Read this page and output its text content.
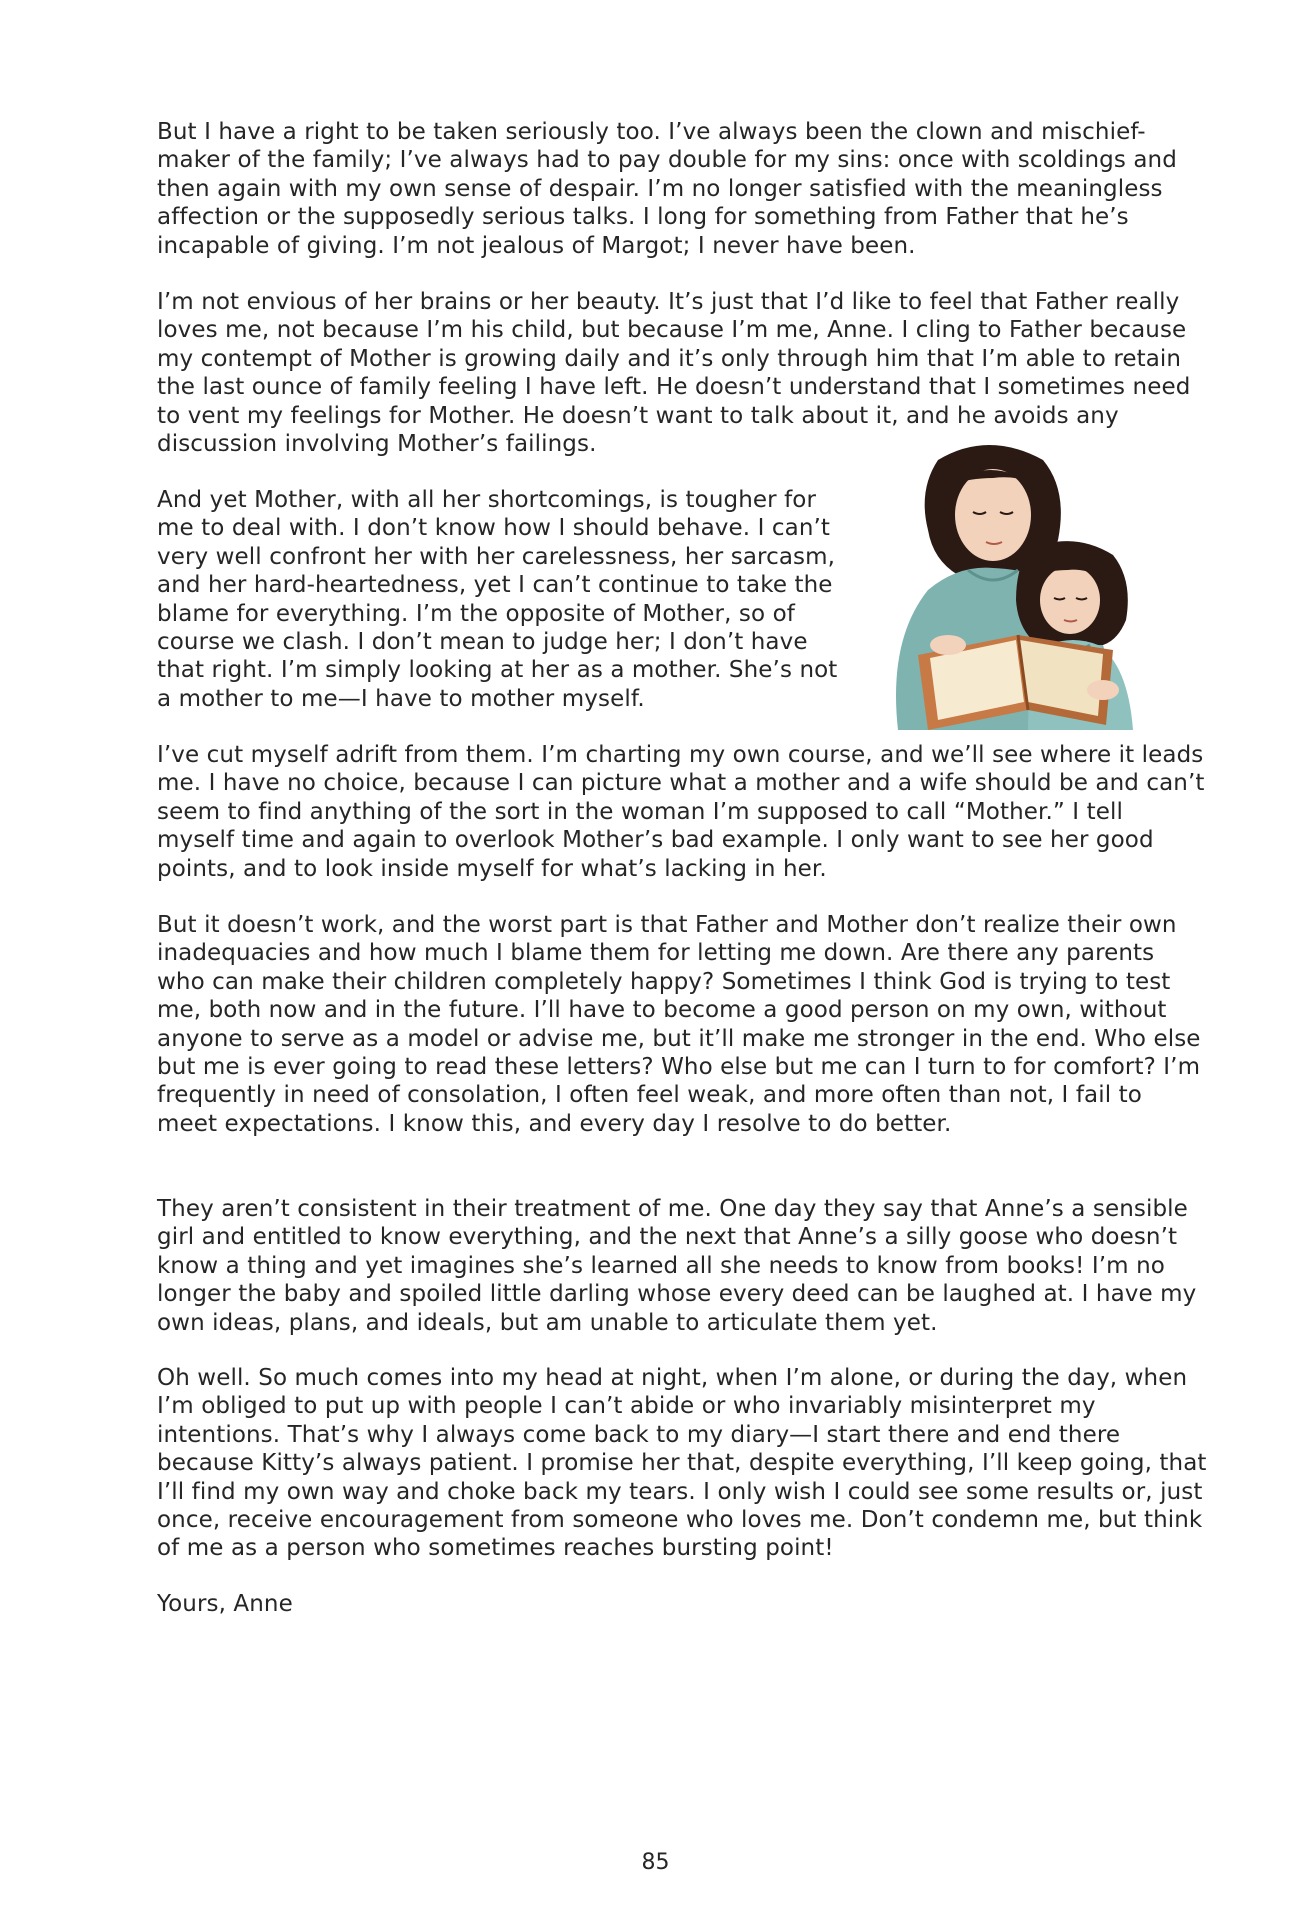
But I have a right to be taken seriously too. I’ve always been the clown and mischief-maker of the family; I’ve always had to pay double for my sins: once with scoldings and then again with my own sense of despair. I’m no longer satisfied with the meaningless affection or the supposedly serious talks. I long for something from Father that he’s incapable of giving. I’m not jealous of Margot; I never have been.

I’m not envious of her brains or her beauty. It’s just that I’d like to feel that Father really loves me, not because I’m his child, but because I’m me, Anne. I cling to Father because my contempt of Mother is growing daily and it’s only through him that I’m able to retain the last ounce of family feeling I have left. He doesn’t understand that I sometimes need to vent my feelings for Mother. He doesn’t want to talk about it, and he avoids any discussion involving Mother’s failings.

And yet Mother, with all her shortcomings, is tougher for me to deal with. I don’t know how I should behave. I can’t very well confront her with her carelessness, her sarcasm, and her hard-heartedness, yet I can’t continue to take the blame for everything. I’m the opposite of Mother, so of course we clash. I don’t mean to judge her; I don’t have that right. I’m simply looking at her as a mother. She’s not a mother to me—I have to mother myself.

I’ve cut myself adrift from them. I’m charting my own course, and we’ll see where it leads me. I have no choice, because I can picture what a mother and a wife should be and can’t seem to find anything of the sort in the woman I’m supposed to call “Mother.” I tell myself time and again to overlook Mother’s bad example. I only want to see her good points, and to look inside myself for what’s lacking in her.

But it doesn’t work, and the worst part is that Father and Mother don’t realize their own inadequacies and how much I blame them for letting me down. Are there any parents who can make their children completely happy? Sometimes I think God is trying to test me, both now and in the future. I’ll have to become a good person on my own, without anyone to serve as a model or advise me, but it’ll make me stronger in the end. Who else but me is ever going to read these letters? Who else but me can I turn to for comfort? I’m frequently in need of consolation, I often feel weak, and more often than not, I fail to meet expectations. I know this, and every day I resolve to do better.

They aren’t consistent in their treatment of me. One day they say that Anne’s a sensible girl and entitled to know everything, and the next that Anne’s a silly goose who doesn’t know a thing and yet imagines she’s learned all she needs to know from books! I’m no longer the baby and spoiled little darling whose every deed can be laughed at. I have my own ideas, plans, and ideals, but am unable to articulate them yet.

Oh well. So much comes into my head at night, when I’m alone, or during the day, when I’m obliged to put up with people I can’t abide or who invariably misinterpret my intentions. That’s why I always come back to my diary—I start there and end there because Kitty’s always patient. I promise her that, despite everything, I’ll keep going, that I’ll find my own way and choke back my tears. I only wish I could see some results or, just once, receive encouragement from someone who loves me. Don’t condemn me, but think of me as a person who sometimes reaches bursting point!

Yours, Anne

85
